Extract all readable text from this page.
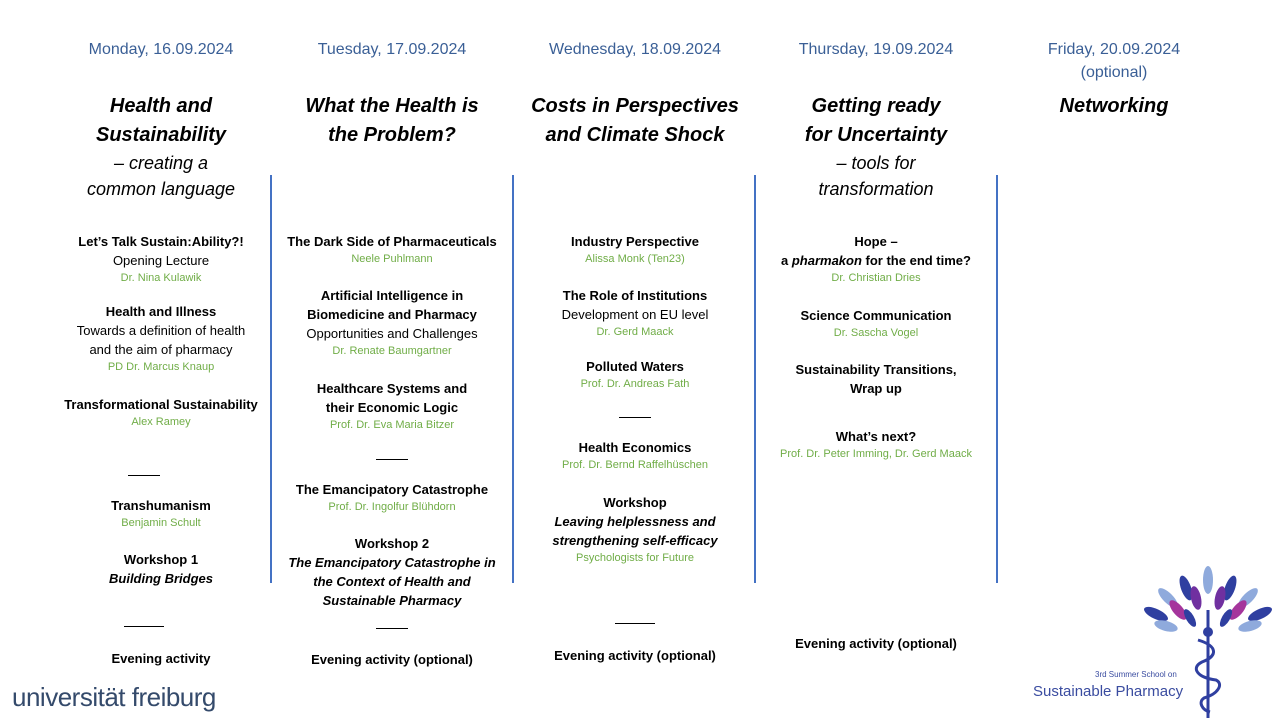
Monday, 16.09.2024
Health and
Sustainability
– creating a
common language
Let’s Talk Sustain:Ability?!
Opening Lecture
Dr. Nina Kulawik
Health and Illness
Towards a definition of health
and the aim of pharmacy
PD Dr. Marcus Knaup
Transformational Sustainability
Alex Ramey
Transhumanism
Benjamin Schult
Workshop 1
Building Bridges
Evening activity
Tuesday, 17.09.2024
What the Health is
the Problem?
The Dark Side of Pharmaceuticals
Neele Puhlmann
Artificial Intelligence in
Biomedicine and Pharmacy
Opportunities and Challenges
Dr. Renate Baumgartner
Healthcare Systems and
their Economic Logic
Prof. Dr. Eva Maria Bitzer
The Emancipatory Catastrophe
Prof. Dr. Ingolfur Blühdorn
Workshop 2
The Emancipatory Catastrophe in
the Context of Health and
Sustainable Pharmacy
Evening activity (optional)
Wednesday, 18.09.2024
Costs in Perspectives
and Climate Shock
Industry Perspective
Alissa Monk (Ten23)
The Role of Institutions
Development on EU level
Dr. Gerd Maack
Polluted Waters
Prof. Dr. Andreas Fath
Health Economics
Prof. Dr. Bernd Raffelhüschen
Workshop
Leaving helplessness and
strengthening self-efficacy
Psychologists for Future
Evening activity (optional)
Thursday, 19.09.2024
Getting ready
for Uncertainty
– tools for
transformation
Hope –
a pharmakon for the end time?
Dr. Christian Dries
Science Communication
Dr. Sascha Vogel
Sustainability Transitions,
Wrap up
What’s next?
Prof. Dr. Peter Imming, Dr. Gerd Maack
Evening activity (optional)
Friday, 20.09.2024
(optional)
Networking
universität freiburg
3rd Summer School on
Sustainable Pharmacy
